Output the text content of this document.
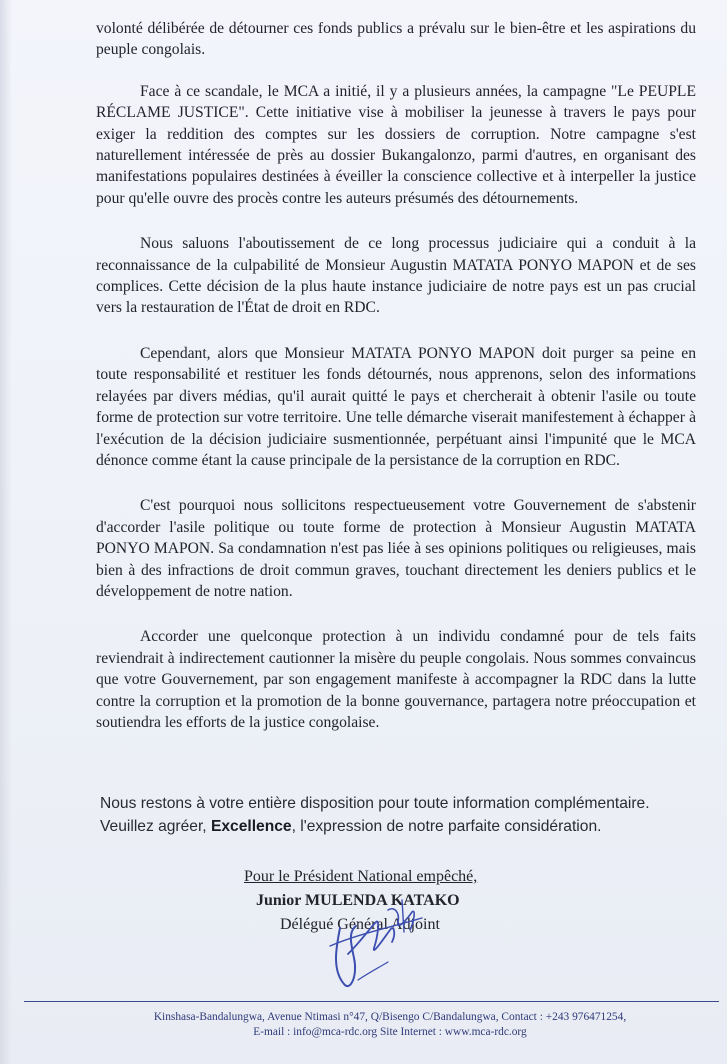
volonté délibérée de détourner ces fonds publics a prévalu sur le bien-être et les aspirations du peuple congolais.

Face à ce scandale, le MCA a initié, il y a plusieurs années, la campagne "Le PEUPLE RÉCLAME JUSTICE". Cette initiative vise à mobiliser la jeunesse à travers le pays pour exiger la reddition des comptes sur les dossiers de corruption. Notre campagne s'est naturellement intéressée de près au dossier Bukangalonzo, parmi d'autres, en organisant des manifestations populaires destinées à éveiller la conscience collective et à interpeller la justice pour qu'elle ouvre des procès contre les auteurs présumés des détournements.

Nous saluons l'aboutissement de ce long processus judiciaire qui a conduit à la reconnaissance de la culpabilité de Monsieur Augustin MATATA PONYO MAPON et de ses complices. Cette décision de la plus haute instance judiciaire de notre pays est un pas crucial vers la restauration de l'État de droit en RDC.

Cependant, alors que Monsieur MATATA PONYO MAPON doit purger sa peine en toute responsabilité et restituer les fonds détournés, nous apprenons, selon des informations relayées par divers médias, qu'il aurait quitté le pays et chercherait à obtenir l'asile ou toute forme de protection sur votre territoire. Une telle démarche viserait manifestement à échapper à l'exécution de la décision judiciaire susmentionnée, perpétuant ainsi l'impunité que le MCA dénonce comme étant la cause principale de la persistance de la corruption en RDC.

C'est pourquoi nous sollicitons respectueusement votre Gouvernement de s'abstenir d'accorder l'asile politique ou toute forme de protection à Monsieur Augustin MATATA PONYO MAPON. Sa condamnation n'est pas liée à ses opinions politiques ou religieuses, mais bien à des infractions de droit commun graves, touchant directement les deniers publics et le développement de notre nation.

Accorder une quelconque protection à un individu condamné pour de tels faits reviendrait à indirectement cautionner la misère du peuple congolais. Nous sommes convaincus que votre Gouvernement, par son engagement manifeste à accompagner la RDC dans la lutte contre la corruption et la promotion de la bonne gouvernance, partagera notre préoccupation et soutiendra les efforts de la justice congolaise.

Nous restons à votre entière disposition pour toute information complémentaire.
Veuillez agréer, Excellence, l'expression de notre parfaite considération.
Pour le Président National empêché,
Junior MULENDA KATAKO
Délégué Général Adjoint
Kinshasa-Bandalungwa, Avenue Ntimasi n°47, Q/Bisengo C/Bandalungwa, Contact : +243 976471254,
E-mail : info@mca-rdc.org Site Internet : www.mca-rdc.org
